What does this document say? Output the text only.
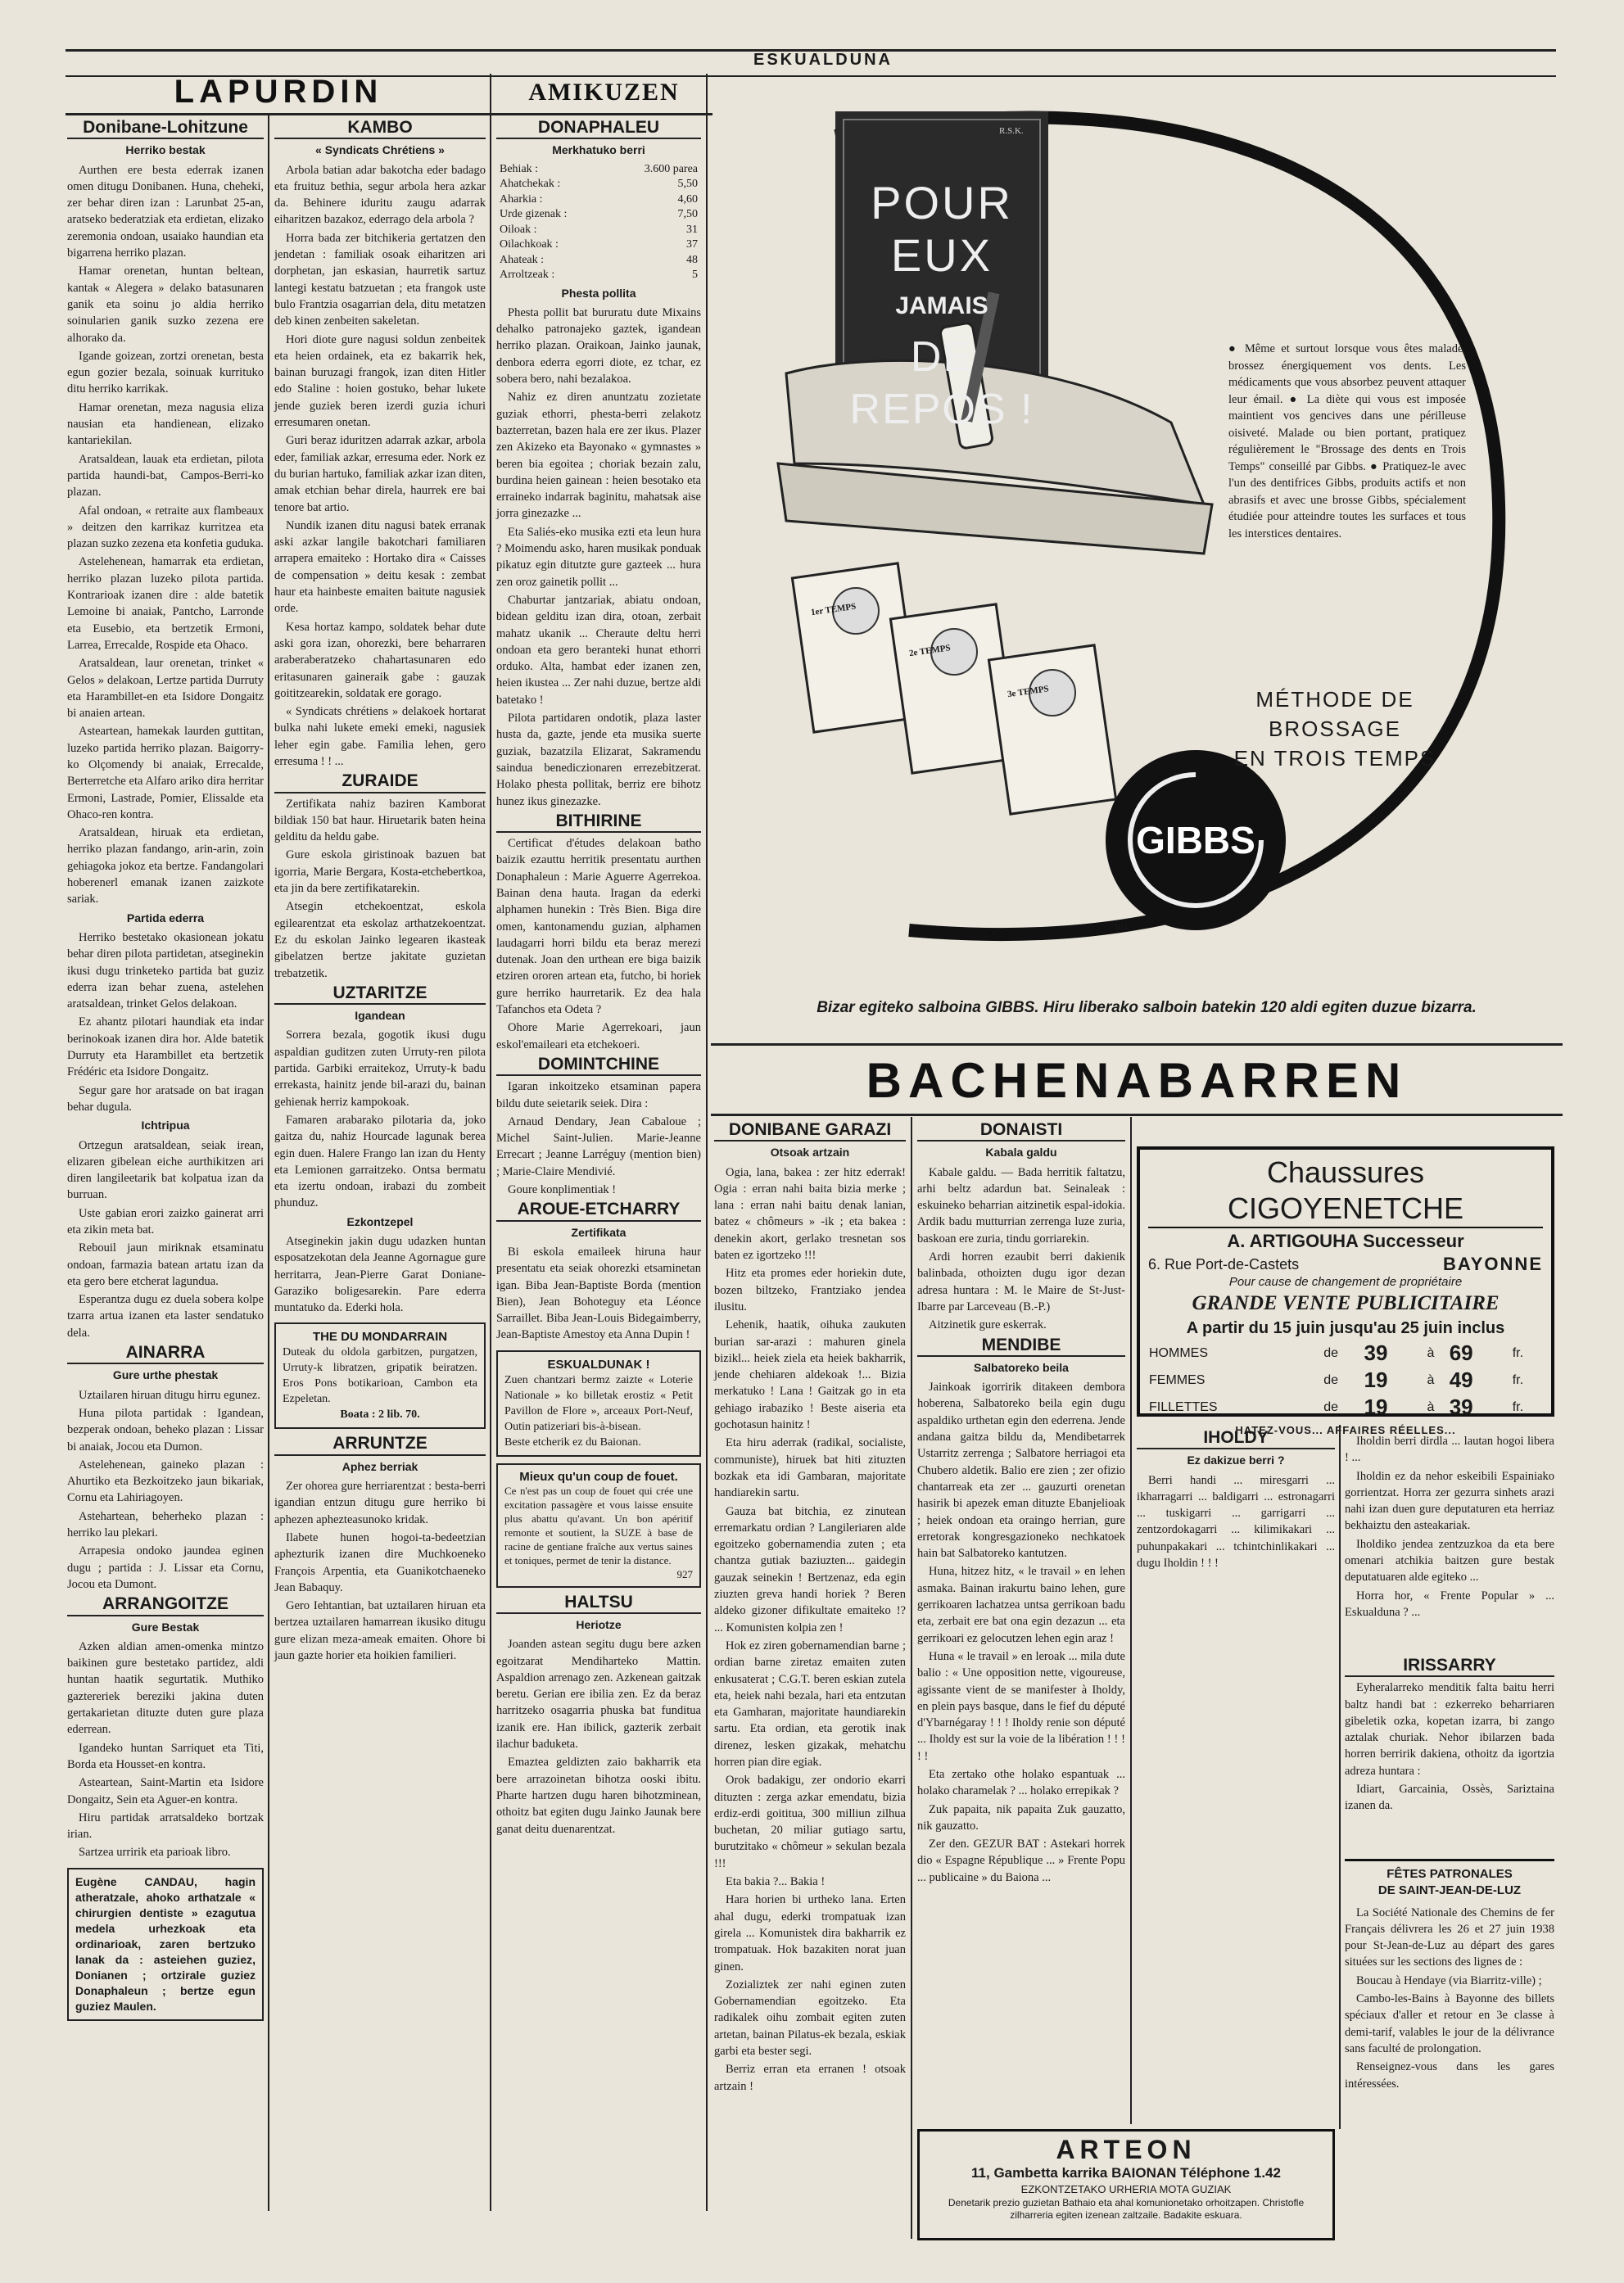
ESKUALDUNA
LAPURDIN	AMIKUZEN
Donibane-Lohitzune
Herriko bestak

Aurthen ere besta ederrak izanen omen ditugu Donibanen. Huna, cheheki, zer behar diren izan : Larunbat 25-an, aratseko bederatziak eta erdietan, elizako zeremonia ondoan, usaiako haundian eta bigarrena herriko plazan.

Hamar orenetan, huntan beltean, kantak « Alegera » delako batasunaren ganik eta soinu jo aldia herriko soinularien ganik suzko zezena ere alhorako da.

Igande goizean, zortzi orenetan, besta egun gozier bezala, soinuak kurrituko ditu herriko karrikak.

Hamar orenetan, meza nagusia eliza nausian eta handienean, elizako kantariekilan.

Aratsaldean, lauak eta erdietan, pilota partida haundi-bat, Campos-Berri-ko plazan.

Afal ondoan, « retraite aux flambeaux » deitzen den karrikaz kurritzea eta plazan suzko zezena eta konfetia guduka.

Astelehenean, hamarrak eta erdietan, herriko plazan luzeko pilota partida. Kontrarioak izanen dire : alde batetik Lemoine bi anaiak, Pantcho, Larronde eta Eusebio, eta bertzetik Ermoni, Larrea, Errecalde, Rospide eta Ohaco.

Aratsaldean, laur orenetan, trinket « Gelos » delakoan, Lertze partida Durruty eta Harambillet-en eta Isidore Dongaitz bi anaien artean.

Asteartean, hamekak laurden guttitan, luzeko partida herriko plazan. Baigorry-ko Olçomendy bi anaiak, Errecalde, Berterretche eta Alfaro ariko dira herritar Ermoni, Lastrade, Pomier, Elissalde eta Ohaco-ren kontra.

Aratsaldean, hiruak eta erdietan, herriko plazan fandango, arin-arin, zoin gehiagoka jokoz eta bertze. Fandangolari hoberenerl emanak izanen zaizkote sariak.

Partida ederra

Herriko bestetako okasionean jokatu behar diren pilota partidetan, atseginekin ikusi dugu trinketeko partida bat guziz ederra izan behar zuena, astelehen aratsaldean, trinket Gelos delakoan.

Ez ahantz pilotari haundiak eta indar berinokoak izanen dira hor. Alde batetik Durruty eta Harambillet eta bertzetik Frédéric eta Isidore Dongaitz.

Segur gare hor aratsade on bat iragan behar dugula.

Ichtripua

Ortzegun aratsaldean, seiak irean, elizaren gibelean eiche aurthikitzen ari diren langileetarik bat kolpatua izan da burruan.

Uste gabian erori zaizko gainerat arri eta zikin meta bat.

Rebouil jaun miriknak etsaminatu ondoan, farmazia batean artatu izan da eta gero bere etcherat lagundua.

Esperantza dugu ez duela sobera kolpe tzarra artua izanen eta laster sendatuko dela.

AINARRA
Gure urthe phestak

Uztailaren hiruan ditugu hirru egunez.

Huna pilota partidak : Igandean, bezperak ondoan, beheko plazan : Lissar bi anaiak, Jocou eta Dumon.

Astelehenean, gaineko plazan : Ahurtiko eta Bezkoitzeko jaun bikariak, Cornu eta Lahiriagoyen.

Astehartean, beherheko plazan : herriko lau plekari.

Arrapesia ondoko jaundea eginen dugu ; partida : J. Lissar eta Cornu, Jocou eta Dumont.

ARRANGOITZE
Gure Bestak

Azken aldian amen-omenka mintzo baikinen gure bestetako partidez, aldi huntan haatik segurtatik. Muthiko gaztereriek bereziki jakina duten gertakarietan dituzte duten gure plaza ederrean.

Igandeko huntan Sarriquet eta Titi, Borda eta Housset-en kontra.

Asteartean, Saint-Martin eta Isidore Dongaitz, Sein eta Aguer-en kontra.

Hiru partidak arratsaldeko bortzak irian.

Sartzea urririk eta parioak libro.

Eugène CANDAU, hagin atheratzale, ahoko arthatzale « chirurgien dentiste » ezagutua medela urhezkoak eta ordinarioak, zaren bertzuko lanak da : asteiehen guziez, Donianen ; ortzirale guziez Donaphaleun ; bertze egun guziez Maulen.
KAMBO
« Syndicats Chrétiens »

Arbola batian adar bakotcha eder badago eta fruituz bethia, segur arbola hera azkar da. Behinere iduritu zaugu adarrak eiharitzen bazakoz, ederrago dela arbola ?

Horra bada zer bitchikeria gertatzen den jendetan : familiak osoak eiharitzen ari dorphetan, jan eskasian, haurretik sartuz lantegi kestatu batzuetan ; eta frangok uste bulo Frantzia osagarrian dela, ditu metatzen deb kinen zenbeiten sakeletan.

Hori diote gure nagusi soldun zenbeitek eta heien ordainek, eta ez bakarrik hek, bainan buruzagi frangok, izan diten Hitler edo Staline : hoien gostuko, behar lukete jende guziek beren izerdi guzia ichuri erresumaren onetan.

Guri beraz iduritzen adarrak azkar, arbola eder, familiak azkar, erresuma eder. Nork ez du burian hartuko, familiak azkar izan diten, amak etchian behar direla, haurrek ere bai tenore bat artio.

Nundik izanen ditu nagusi batek erranak aski azkar langile bakotchari familiaren arrapera emaiteko : Hortako dira « Caisses de compensation » deitu kesak : zembat haur eta hainbeste emaiten baitute nagusiek orde.

Kesa hortaz kampo, soldatek behar dute aski gora izan, ohorezki, bere beharraren araberaberatzeko chahartasunaren edo eritasunaren gaineraik gabe : gauzak goititzearekin, soldatak ere gorago.

« Syndicats chrétiens » delakoek hortarat bulka nahi lukete emeki emeki, nagusiek leher egin gabe. Familia lehen, gero erresuma ! ! ...

ZURAIDE

Zertifikata nahiz baziren Kamborat bildiak 150 bat haur. Hiruetarik baten heina gelditu da heldu gabe.

Gure eskola giristinoak bazuen bat igorria, Marie Bergara, Kosta-etchebertkoa, eta jin da bere zertifikatarekin.

Atsegin etchekoentzat, eskola egilearentzat eta eskolaz arthatzekoentzat. Ez du eskolan Jainko legearen ikasteak gibelatzen bertze jakitate guzietan trebatzetik.

UZTARITZE
Igandean

Sorrera bezala, gogotik ikusi dugu aspaldian guditzen zuten Urruty-ren pilota partida. Garbiki erraitekoz, Urruty-k badu errekasta, hainitz jende bil-arazi du, bainan gehienak herriz kampokoak.

Famaren arabarako pilotaria da, joko gaitza du, nahiz Hourcade lagunak berea egin duen. Halere Frango lan izan du Henty eta Lemionen garraitzeko. Ontsa bermatu eta izertu ondoan, irabazi du zombeit phunduz.

Ezkontzepel

Atseginekin jakin dugu udazken huntan esposatzekotan dela Jeanne Agornague gure herritarra, Jean-Pierre Garat Doniane-Garaziko boligesarekin. Pare ederra muntatuko da. Ederki hola.

THE DU MONDARRAIN
Duteak du oldola garbitzen, purgatzen, Urruty-k libratzen, gripatik beiratzen. Eros Pons botikarioan, Cambon eta Ezpeletan.
Boata : 2 lib. 70.
ARRUNTZE
Aphez berriak

Zer ohorea gure herriarentzat : besta-berri igandian entzun ditugu gure herriko bi aphezen aphezteasunoko kridak.

Ilabete hunen hogoi-ta-bedeetzian aphezturik izanen dire Muchkoeneko François Arpentia, eta Guanikotchaeneko Jean Babaquy.

Gero Iehtantian, bat uztailaren hiruan eta bertzea uztailaren hamarrean ikusiko ditugu gure elizan meza-ameak emaiten. Ohore bi jaun gazte horier eta hoikien familieri.

DONAPHALEU
Merkhatuko berri
Behiak :	3.600 parea
Ahatchekak :	5,50
Aharkia :	4,60
Urde gizenak :	7,50
Oiloak :	31
Oilachkoak :	37
Ahateak :	48
Arroltzeak :	5
Phesta pollita

Phesta pollit bat bururatu dute Mixains dehalko patronajeko gaztek, igandean herriko plazan. Oraikoan, Jainko jaunak, denbora ederra egorri diote, ez tchar, ez sobera bero, nahi bezalakoa.

Nahiz ez diren anuntzatu zozietate guziak ethorri, phesta-berri zelakotz bazterretan, bazen hala ere zer ikus. Plazer zen Akizeko eta Bayonako « gymnastes » beren bia egoitea ; choriak bezain zalu, burdina heien gainean : heien besotako eta erraineko indarrak baginitu, mahatsak aise jorra ginezazke ...

Eta Saliés-eko musika ezti eta leun hura ? Moimendu asko, haren musikak ponduak pikatuz egin ditutzte gure gazteek ... hura zen oroz gainetik pollit ...

Chaburtar jantzariak, abiatu ondoan, bidean gelditu izan dira, otoan, zerbait mahatz ukanik ... Cheraute deltu herri ondoan eta gero beranteki hunat ethorri orduko. Alta, hambat eder izanen zen, heien ikustea ... Zer nahi duzue, bertze aldi batetako !

Pilota partidaren ondotik, plaza laster husta da, gazte, jende eta musika suerte guziak, bazatzila Elizarat, Sakramendu saindua benediczionaren errezebitzerat. Holako phesta pollitak, berriz ere bihotz hunez ikus ginezazke.

BITHIRINE

Certificat d'études delakoan batho baizik ezauttu herritik presentatu aurthen Donaphaleun : Marie Aguerre Agerrekoa. Bainan dena hauta. Iragan da ederki alphamen hunekin : Très Bien. Biga dire omen, kantonamendu guzian, alphamen laudagarri horri bildu eta beraz merezi dutenak. Joan den urthean ere biga baizik etziren ororen artean eta, futcho, bi horiek gure herriko haurretarik. Ez dea hala Tafanchos eta Odeta ?

Ohore Marie Agerrekoari, jaun eskol'emaileari eta etchekoeri.

DOMINTCHINE

Igaran inkoitzeko etsaminan papera bildu dute seietarik seiek. Dira :

Arnaud Dendary, Jean Cabaloue ; Michel Saint-Julien. Marie-Jeanne Errecart ; Jeanne Larréguy (mention bien) ; Marie-Claire Mendivié.

Goure konplimentiak !

AROUE-ETCHARRY
Zertifikata

Bi eskola emaileek hiruna haur presentatu eta seiak ohorezki etsaminetan igan. Biba Jean-Baptiste Borda (mention Bien), Jean Bohoteguy eta Léonce Sarraillet. Biba Jean-Louis Bidegaimberry, Jean-Baptiste Amestoy eta Anna Dupin !

ESKUALDUNAK !
Zuen chantzari bermz zaizte « Loterie Nationale » ko billetak erostiz « Petit Pavillon de Flore », arceaux Port-Neuf, Outin patizeriari bis-à-bisean.
Beste etcherik ez du Baionan.
Mieux qu'un coup de fouet.
Ce n'est pas un coup de fouet qui crée une excitation passagère et vous laisse ensuite plus abattu qu'avant. Un bon apéritif remonte et soutient, la SUZE à base de racine de gentiane fraîche aux vertus saines et toniques, permet de tenir la distance.
927
HALTSU
Heriotze

Joanden astean segitu dugu bere azken egoitzarat Mendiharteko Mattin. Aspaldion arrenago zen. Azkenean gaitzak beretu. Gerian ere ibilia zen. Ez da beraz harritzeko osagarria phuska bat funditua izanik ere. Han ibilick, gazterik zerbait ilachur baduketa.

Emaztea geldizten zaio bakharrik eta bere arrazoinetan bihotza ooski ibitu. Pharte hartzen dugu haren bihotzminean, othoitz bat egiten dugu Jainko Jaunak bere ganat deitu duenarentzat.

POUR EUX
JAMAIS
DE REPOS !
R.S.K.
● Même et surtout lorsque vous êtes malade, brossez énergiquement vos dents. Les médicaments que vous absorbez peuvent attaquer leur émail. ● La diète qui vous est imposée maintient vos gencives dans une périlleuse oisiveté. Malade ou bien portant, pratiquez régulièrement le "Brossage des dents en Trois Temps" conseillé par Gibbs. ● Pratiquez-le avec l'un des dentifrices Gibbs, produits actifs et non abrasifs et avec une brosse Gibbs, spécialement étudiée pour atteindre toutes les surfaces et tous les interstices dentaires.
MÉTHODE DE
BROSSAGE
EN TROIS TEMPS
GIBBS
1er TEMPS
2e TEMPS
3e TEMPS
104
Bizar egiteko salboina GIBBS. Hiru liberako salboin batekin 120 aldi egiten duzue bizarra.
BACHENABARREN
DONIBANE GARAZI
Otsoak artzain

Ogia, lana, bakea : zer hitz ederrak! Ogia : erran nahi baita bizia merke ; lana : erran nahi baitu denak lanian, batez « chômeurs » -ik ; eta bakea : denekin akort, gerlako tresnetan sos baten ez igortzeko !!!

Hitz eta promes eder horiekin dute, bozen biltzeko, Frantziako jendea ilusitu.

Lehenik, haatik, oihuka zaukuten burian sar-arazi : mahuren ginela bizikl... heiek ziela eta heiek bakharrik, jende chehiaren aldekoak !... Bizia merkatuko ! Lana ! Gaitzak go in eta gehiago irabaziko ! Beste aiseria eta gochotasun hainitz !

Eta hiru aderrak (radikal, socialiste, communiste), hiruek bat hiti zituzten bozkak eta idi Gambaran, majoritate handiarekin sartu.

Gauza bat bitchia, ez zinutean erremarkatu ordian ? Langileriaren alde egoitzeko gobernamendia zuten ; eta chantza gutiak baziuzten... gaidegin gauzak seinekin ! Bertzenaz, eda egin ziuzten greva handi horiek ? Beren aldeko gizoner difikultate emaiteko !? ... Komunisten kolpia zen !

Hok ez ziren gobernamendian barne ; ordian barne ziretaz emaiten zuten enkusaterat ; C.G.T. beren eskian zutela eta, heiek nahi bezala, hari eta entzutan eta Gamharan, majoritate haundiarekin sartu. Eta ordian, eta gerotik inak direnez, lesken gizakak, mehatchu horren pian dire egiak.

Orok badakigu, zer ondorio ekarri dituzten : zerga azkar emendatu, bizia erdiz-erdi goititua, 300 milliun zilhua buchetan, 20 miliar gutiago sartu, burutzitako « chômeur » sekulan bezala !!!

Eta bakia ?... Bakia !

Hara horien bi urtheko lana. Erten ahal dugu, ederki trompatuak izan girela ... Komunistek dira bakharrik ez trompatuak. Hok bazakiten norat juan ginen.

Zozializtek zer nahi eginen zuten Gobernamendian egoitzeko. Eta radikalek oihu zombait egiten zuten artetan, bainan Pilatus-ek bezala, eskiak garbi eta bester segi.

Berriz erran eta erranen ! otsoak artzain !

DONAISTI
Kabala galdu

Kabale galdu. — Bada herritik faltatzu, arhi beltz adardun bat. Seinaleak : eskuineko beharrian aitzinetik espal-idokia. Ardik badu mutturrian zerrenga luze zuria, baskoan ere zuria, tindu gorriarekin.

Ardi horren ezaubit berri dakienik balinbada, othoizten dugu igor dezan adresa huntara : M. le Maire de St-Just-Ibarre par Larceveau (B.-P.)

Aitzinetik gure eskerrak.

MENDIBE
Salbatoreko beila

Jainkoak igorririk ditakeen dembora hoberena, Salbatoreko beila egin dugu aspaldiko urthetan egin den ederrena. Jende andana gaitza bildu da, Mendibetarrek Ustarritz zerrenga ; Salbatore herriagoi eta Chubero aldetik. Balio ere zien ; zer ofizio chantarreak eta zer ... gauzurti orenetan hasirik bi apezek eman dituzte Ebanjelioak ; heiek ondoan eta oraingo herrian, gure erretorak kongresgazioneko nechkatoek hain bat Salbatoreko kantutzen.

Huna, hitzez hitz, « le travail » en lehen asmaka. Bainan irakurtu baino lehen, gure gerrikoaren lachatzea untsa gerrikoan badu eta, zerbait ere bat ona egin dezazun ... eta gerrikoari ez gelocutzen lehen egin araz !

Huna « le travail » en leroak ... mila dute balio : « Une opposition nette, vigoureuse, agissante vient de se manifester à Iholdy, en plein pays basque, dans le fief du député d'Ybarnégaray ! ! ! Iholdy renie son député ... Iholdy est sur la voie de la libération ! ! ! ! !

Eta zertako othe holako espantuak ... holako charamelak ? ... holako errepikak ?

Zuk papaita, nik papaita Zuk gauzatto, nik gauzatto.

Zer den. GEZUR BAT : Astekari horrek dio « Espagne République ... » Frente Popu ... publicaine » du Baiona ...

Chaussures CIGOYENETCHE
A. ARTIGOUHA Successeur
6. Rue Port-de-Castets	BAYONNE
Pour cause de changement de propriétaire
GRANDE VENTE PUBLICITAIRE
A partir du 15 juin jusqu'au 25 juin inclus
HOMMES	de	39	à	69	fr.
FEMMES	de	19	à	49	fr.
FILLETTES	de	19	à	39	fr.
HATEZ-VOUS... AFFAIRES RÉELLES...
IHOLDY
Ez dakizue berri ?

Berri handi ... miresgarri ... ikharragarri ... baldigarri ... estronagarri ... tuskigarri ... garrigarri ... zentzordokagarri ... kilimikakari ... puhunpakakari ... tchintchinlikakari ... dugu Iholdin ! ! !

Iholdin berri dirdla ... lautan hogoi libera ! ...

Iholdin ez da nehor eskeibili Espainiako gorrientzat. Horra zer gezurra sinhets arazi nahi izan duen gure deputaturen eta herriaz bekhaiztu den asteakariak.

Iholdiko jendea zentzuzkoa da eta bere omenari atchikia baitzen gure bestak deputatuaren alde egiteko ...

Horra hor, « Frente Popular » ... Eskualduna ? ...

IRISSARRY

Eyheralarreko menditik falta baitu herri baltz handi bat : ezkerreko beharriaren gibeletik ozka, kopetan izarra, bi zango aztalak churiak. Nehor ibilarzen bada horren berririk dakiena, othoitz da igortzia adreza huntara :

Idiart, Garcainia, Ossès, Sariztaina izanen da.

FÊTES PATRONALES
DE SAINT-JEAN-DE-LUZ

La Société Nationale des Chemins de fer Français délivrera les 26 et 27 juin 1938 pour St-Jean-de-Luz au départ des gares situées sur les sections des lignes de :

Boucau à Hendaye (via Biarritz-ville) ;

Cambo-les-Bains à Bayonne des billets spéciaux d'aller et retour en 3e classe à demi-tarif, valables le jour de la délivrance sans faculté de prolongation.

Renseignez-vous dans les gares intéressées.

ARTEON
11, Gambetta karrika BAIONAN Téléphone 1.42
EZKONTZETAKO URHERIA MOTA GUZIAK
Denetarik prezio guzietan Bathaio eta ahal komunionetako orhoitzapen. Christofle zilharreria egiten izenean zaltzaile. Badakite eskuara.
